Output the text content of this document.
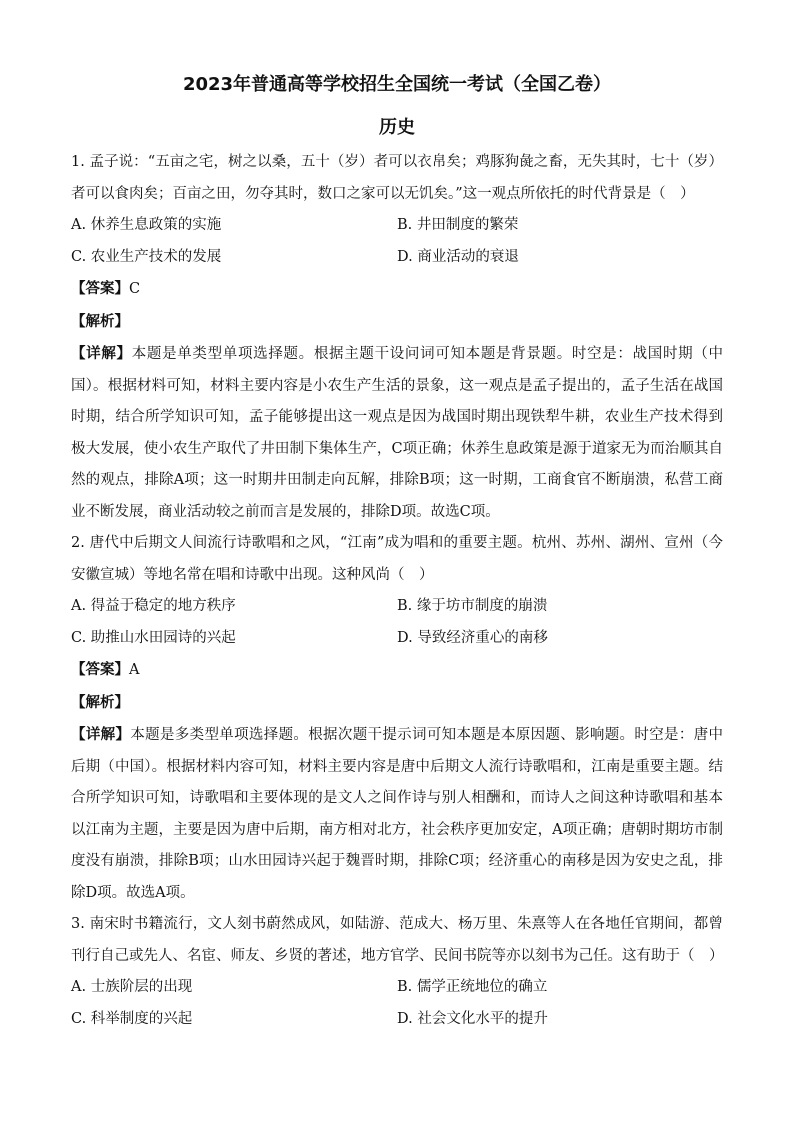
2023年普通高等学校招生全国统一考试（全国乙卷）
历史
1. 孟子说：“五亩之宅，树之以桑，五十（岁）者可以衣帛矣；鸡豚狗彘之畜，无失其时，七十（岁）者可以食肉矣；百亩之田，勿夺其时，数口之家可以无饥矣。”这一观点所依托的时代背景是（　）
A. 休养生息政策的实施	B. 井田制度的繁荣
C. 农业生产技术的发展	D. 商业活动的衰退
【答案】C
【解析】
【详解】本题是单类型单项选择题。根据主题干设问词可知本题是背景题。时空是：战国时期（中国）。根据材料可知，材料主要内容是小农生产生活的景象，这一观点是孟子提出的，孟子生活在战国时期，结合所学知识可知，孟子能够提出这一观点是因为战国时期出现铁犁牛耕，农业生产技术得到极大发展，使小农生产取代了井田制下集体生产，C项正确；休养生息政策是源于道家无为而治顺其自然的观点，排除A项；这一时期井田制走向瓦解，排除B项；这一时期，工商食官不断崩溃，私营工商业不断发展，商业活动较之前而言是发展的，排除D项。故选C项。
2. 唐代中后期文人间流行诗歌唱和之风，“江南”成为唱和的重要主题。杭州、苏州、湖州、宣州（今安徽宣城）等地名常在唱和诗歌中出现。这种风尚（　）
A. 得益于稳定的地方秩序	B. 缘于坊市制度的崩溃
C. 助推山水田园诗的兴起	D. 导致经济重心的南移
【答案】A
【解析】
【详解】本题是多类型单项选择题。根据次题干提示词可知本题是本原因题、影响题。时空是：唐中后期（中国）。根据材料内容可知，材料主要内容是唐中后期文人流行诗歌唱和，江南是重要主题。结合所学知识可知，诗歌唱和主要体现的是文人之间作诗与别人相酬和，而诗人之间这种诗歌唱和基本以江南为主题，主要是因为唐中后期，南方相对北方，社会秩序更加安定，A项正确；唐朝时期坊市制度没有崩溃，排除B项；山水田园诗兴起于魏晋时期，排除C项；经济重心的南移是因为安史之乱，排除D项。故选A项。
3. 南宋时书籍流行，文人刻书蔚然成风，如陆游、范成大、杨万里、朱熹等人在各地任官期间，都曾刊行自己或先人、名宦、师友、乡贤的著述，地方官学、民间书院等亦以刻书为己任。这有助于（　）
A. 士族阶层的出现	B. 儒学正统地位的确立
C. 科举制度的兴起	D. 社会文化水平的提升
